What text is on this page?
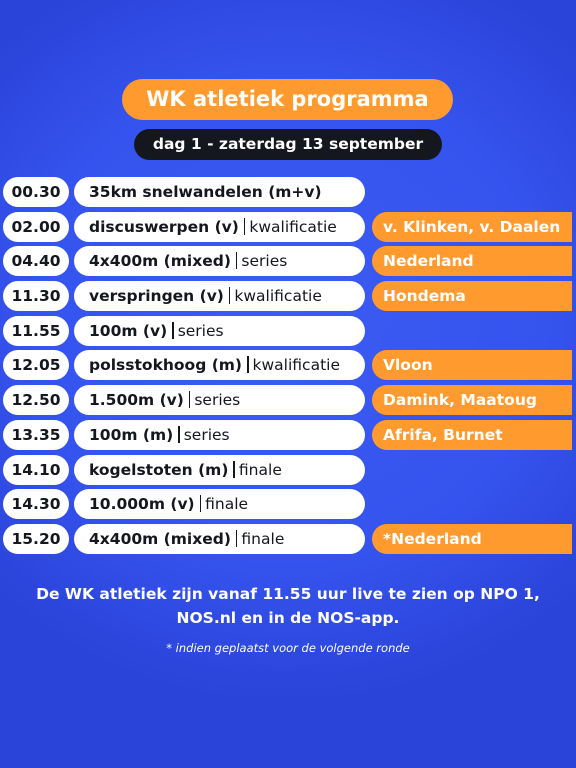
WK atletiek programma
dag 1 - zaterdag 13 september
00.30	35km snelwandelen (m+v)
02.00	discuswerpen (v) kwalificatie	v. Klinken, v. Daalen
04.40	4x400m (mixed) series	Nederland
11.30	verspringen (v) kwalificatie	Hondema
11.55	100m (v) series
12.05	polsstokhoog (m) kwalificatie	Vloon
12.50	1.500m (v) series	Damink, Maatoug
13.35	100m (m) series	Afrifa, Burnet
14.10	kogelstoten (m) finale
14.30	10.000m (v) finale
15.20	4x400m (mixed) finale	*Nederland
De WK atletiek zijn vanaf 11.55 uur live te zien op NPO 1, NOS.nl en in de NOS-app.
* indien geplaatst voor de volgende ronde
